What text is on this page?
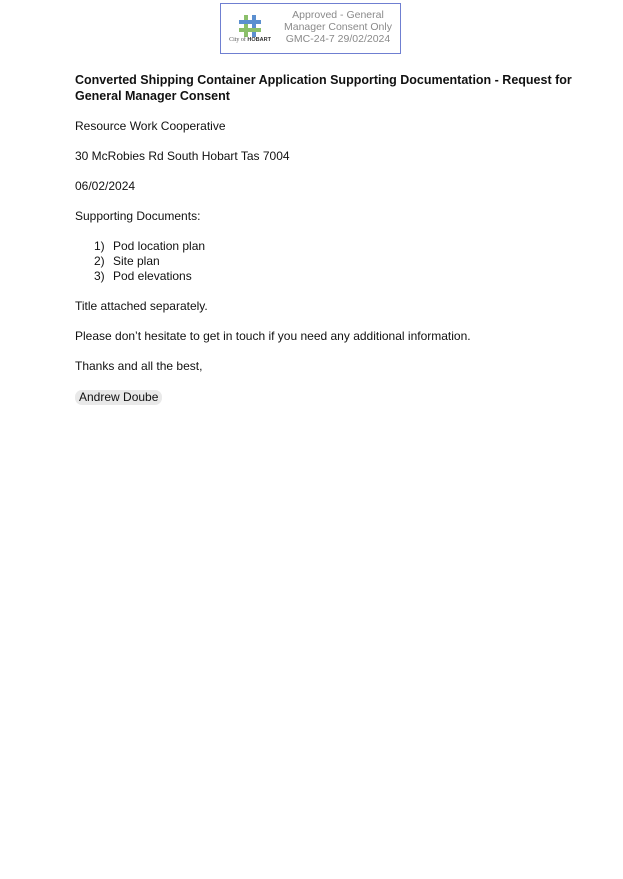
City of HOBART
Approved - General
Manager Consent Only
GMC-24-7 29/02/2024

Converted Shipping Container Application Supporting Documentation - Request for General Manager Consent

Resource Work Cooperative

30 McRobies Rd South Hobart Tas 7004

06/02/2024

Supporting Documents:

1) Pod location plan
2) Site plan
3) Pod elevations

Title attached separately.

Please don’t hesitate to get in touch if you need any additional information.

Thanks and all the best,

Andrew Doube
